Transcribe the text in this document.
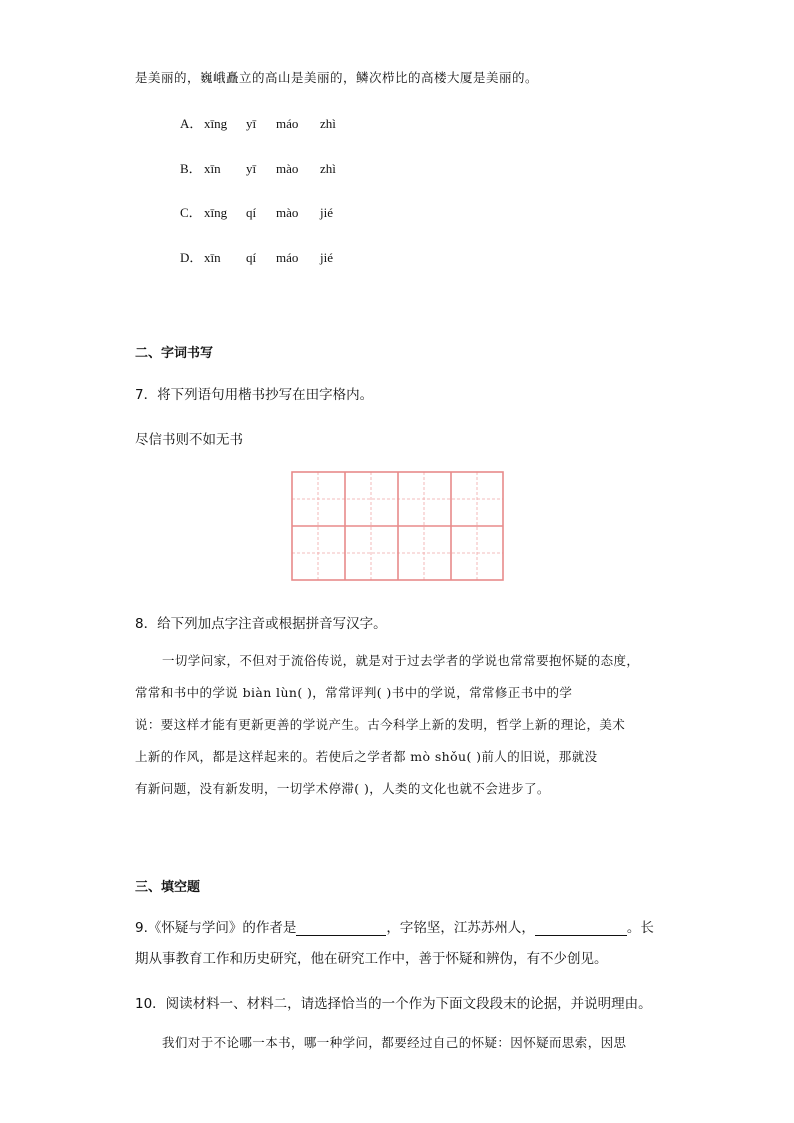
是美丽的，巍峨矗立的高山是美丽的，鳞次栉比的高楼大厦是美丽的。
A． xīng yī máo zhì
B． xīn yī mào zhì
C． xīng qí mào jié
D． xīn qí máo jié
二、字词书写
7．将下列语句用楷书抄写在田字格内。
尽信书则不如无书
8．给下列加点字注音或根据拼音写汉字。
一切学问家，不但对于流俗传说，就是对于过去学者的学说也常常要抱怀疑的态度，
常常和书中的学说 biàn lùn( )，常常评判( )书中的学说，常常修正书中的学
说：要这样才能有更新更善的学说产生。古今科学上新的发明，哲学上新的理论，美术
上新的作风，都是这样起来的。若使后之学者都 mò shǒu( )前人的旧说，那就没
有新问题，没有新发明，一切学术停滞( )，人类的文化也就不会进步了。
三、填空题
9.《怀疑与学问》的作者是	，字铭坚，江苏苏州人，	。长
期从事教育工作和历史研究，他在研究工作中，善于怀疑和辨伪，有不少创见。
10．阅读材料一、材料二，请选择恰当的一个作为下面文段段末的论据，并说明理由。
我们对于不论哪一本书，哪一种学问，都要经过自己的怀疑：因怀疑而思索，因思
